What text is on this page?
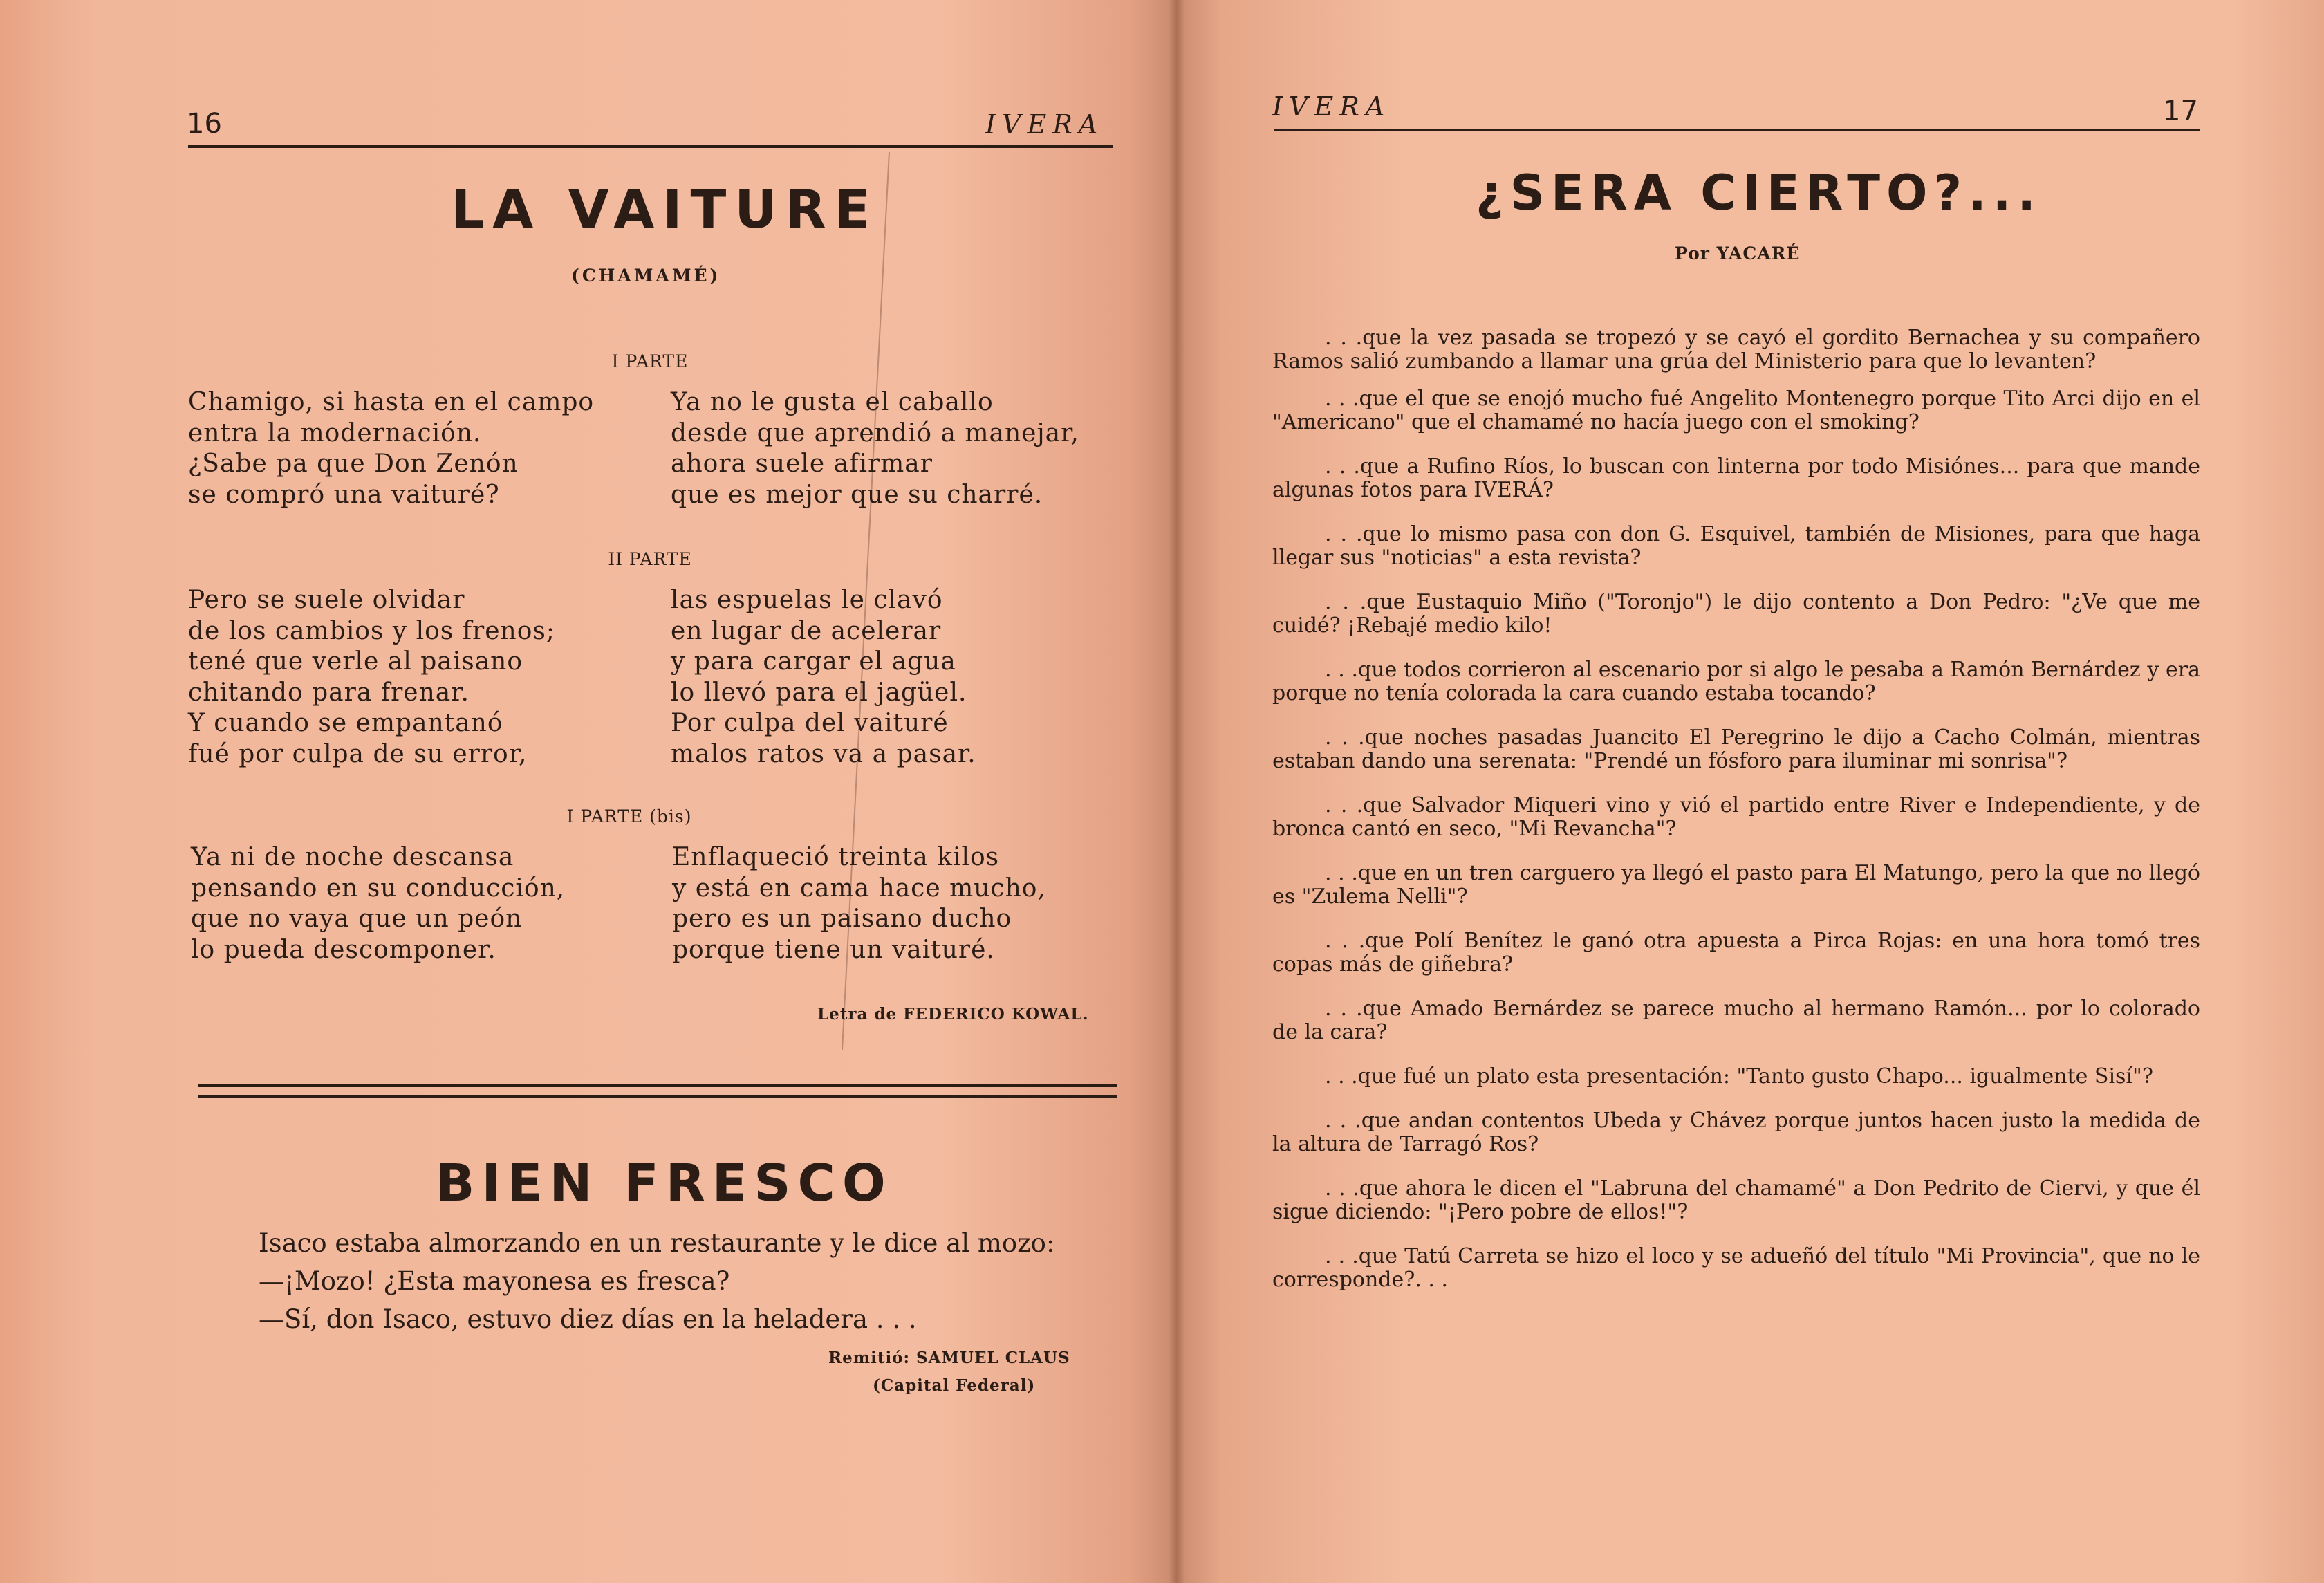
16	IVERA
LA VAITURE
(CHAMAMÉ)
I PARTE
Chamigo, si hasta en el campo
entra la modernación.
¿Sabe pa que Don Zenón
se compró una vaituré?
Ya no le gusta el caballo
desde que aprendió a manejar,
ahora suele afirmar
que es mejor que su charré.
II PARTE
Pero se suele olvidar
de los cambios y los frenos;
tené que verle al paisano
chitando para frenar.
Y cuando se empantanó
fué por culpa de su error,
las espuelas le clavó
en lugar de acelerar
y para cargar el agua
lo llevó para el jagüel.
Por culpa del vaituré
malos ratos va a pasar.
I PARTE (bis)
Ya ni de noche descansa
pensando en su conducción,
que no vaya que un peón
lo pueda descomponer.
Enflaqueció treinta kilos
y está en cama hace mucho,
pero es un paisano ducho
porque tiene un vaituré.
Letra de FEDERICO KOWAL.
BIEN FRESCO
Isaco estaba almorzando en un restaurante y le dice al mozo:
—¡Mozo! ¿Esta mayonesa es fresca?
—Sí, don Isaco, estuvo diez días en la heladera . . .
Remitió: SAMUEL CLAUS
(Capital Federal)
IVERA	17
¿SERA CIERTO?...
Por YACARÉ

. . .que la vez pasada se tropezó y se cayó el gordito Bernachea y su compañero Ramos salió zumbando a llamar una grúa del Ministerio para que lo levanten?

. . .que el que se enojó mucho fué Angelito Montenegro porque Tito Arci dijo en el "Americano" que el chamamé no hacía juego con el smoking?

. . .que a Rufino Ríos, lo buscan con linterna por todo Misiónes... para que mande algunas fotos para IVERÁ?

. . .que lo mismo pasa con don G. Esquivel, también de Misiones, para que haga llegar sus "noticias" a esta revista?

. . .que Eustaquio Miño ("Toronjo") le dijo contento a Don Pedro: "¿Ve que me cuidé? ¡Rebajé medio kilo!

. . .que todos corrieron al escenario por si algo le pesaba a Ramón Bernárdez y era porque no tenía colorada la cara cuando estaba tocando?

. . .que noches pasadas Juancito El Peregrino le dijo a Cacho Colmán, mientras estaban dando una serenata: "Prendé un fósforo para iluminar mi sonrisa"?

. . .que Salvador Miqueri vino y vió el partido entre River e Independiente, y de bronca cantó en seco, "Mi Revancha"?

. . .que en un tren carguero ya llegó el pasto para El Matungo, pero la que no llegó es "Zulema Nelli"?

. . .que Polí Benítez le ganó otra apuesta a Pirca Rojas: en una hora tomó tres copas más de giñebra?

. . .que Amado Bernárdez se parece mucho al hermano Ramón... por lo colorado de la cara?

. . .que fué un plato esta presentación: "Tanto gusto Chapo... igualmente Sisí"?

. . .que andan contentos Ubeda y Chávez porque juntos hacen justo la medida de la altura de Tarragó Ros?

. . .que ahora le dicen el "Labruna del chamamé" a Don Pedrito de Ciervi, y que él sigue diciendo: "¡Pero pobre de ellos!"?

. . .que Tatú Carreta se hizo el loco y se adueñó del título "Mi Provincia", que no le corresponde?. . .
